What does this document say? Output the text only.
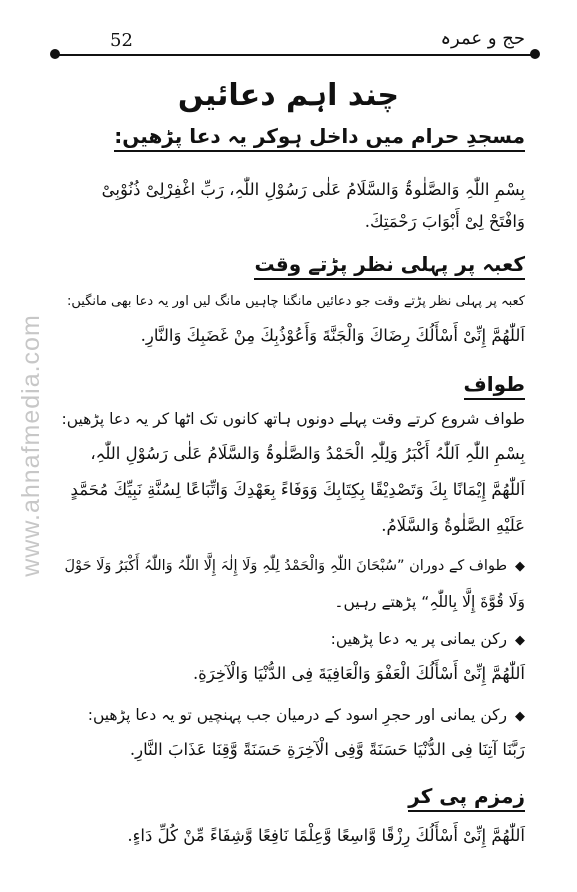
52	حج و عمرہ
www.ahnafmedia.com
چند اہم دعائیں
مسجدِ حرام میں داخل ہوکر یہ دعا پڑھیں:
بِسْمِ اللّٰہِ وَالصَّلٰوۃُ وَالسَّلَامُ عَلٰی رَسُوْلِ اللّٰہِ، رَبِّ اغْفِرْلِیْ ذُنُوْبِیْ
وَافْتَحْ لِیْ أَبْوَابَ رَحْمَتِكَ.
کعبہ پر پہلی نظر پڑتے وقت
کعبہ پر پہلی نظر پڑتے وقت جو دعائیں مانگنا چاہیں مانگ لیں اور یہ دعا بھی مانگیں:
اَللّٰهُمَّ إِنِّیْ أَسْأَلُكَ رِضَاكَ وَالْجَنَّةَ وَأَعُوْذُبِكَ مِنْ غَضَبِكَ وَالنَّارِ.
طواف
طواف شروع کرتے وقت پہلے دونوں ہاتھ کانوں تک اٹھا کر یہ دعا پڑھیں:
بِسْمِ اللّٰہِ اَللّٰہُ أَکْبَرُ وَلِلّٰہِ الْحَمْدُ وَالصَّلٰوۃُ وَالسَّلَامُ عَلٰی رَسُوْلِ اللّٰہِ،
اَللّٰهُمَّ إِيْمَانًا بِكَ وَتَصْدِيْقًا بِكِتَابِكَ وَوَفَاءً بِعَهْدِكَ وَاتِّبَاعًا لِسُنَّةِ نَبِيِّكَ مُحَمَّدٍ
عَلَيْهِ الصَّلٰوةُ وَالسَّلَامُ.
◆طواف کے دوران ”سُبْحَانَ اللّٰہِ وَالْحَمْدُ لِلّٰہِ وَلَا إِلٰہَ إِلَّا اللّٰہُ وَاللّٰہُ أَکْبَرُ وَلَا حَوْلَ
وَلَا قُوَّةَ إِلَّا بِاللّٰہِ“ پڑھتے رہیں۔
◆رکن یمانی پر یہ دعا پڑھیں:
اَللّٰهُمَّ إِنِّیْ أَسْأَلُكَ الْعَفْوَ وَالْعَافِيَةَ فِی الدُّنْيَا وَالْآخِرَةِ.
◆رکن یمانی اور حجرِ اسود کے درمیان جب پہنچیں تو یہ دعا پڑھیں:
رَبَّنَا آتِنَا فِی الدُّنْيَا حَسَنَةً وَّفِی الْآخِرَةِ حَسَنَةً وَّقِنَا عَذَابَ النَّارِ.
زمزم پی کر
اَللّٰهُمَّ إِنِّیْ أَسْأَلُكَ رِزْقًا وَّاسِعًا وَّعِلْمًا نَافِعًا وَّشِفَاءً مِّنْ كُلِّ دَاءٍ.
